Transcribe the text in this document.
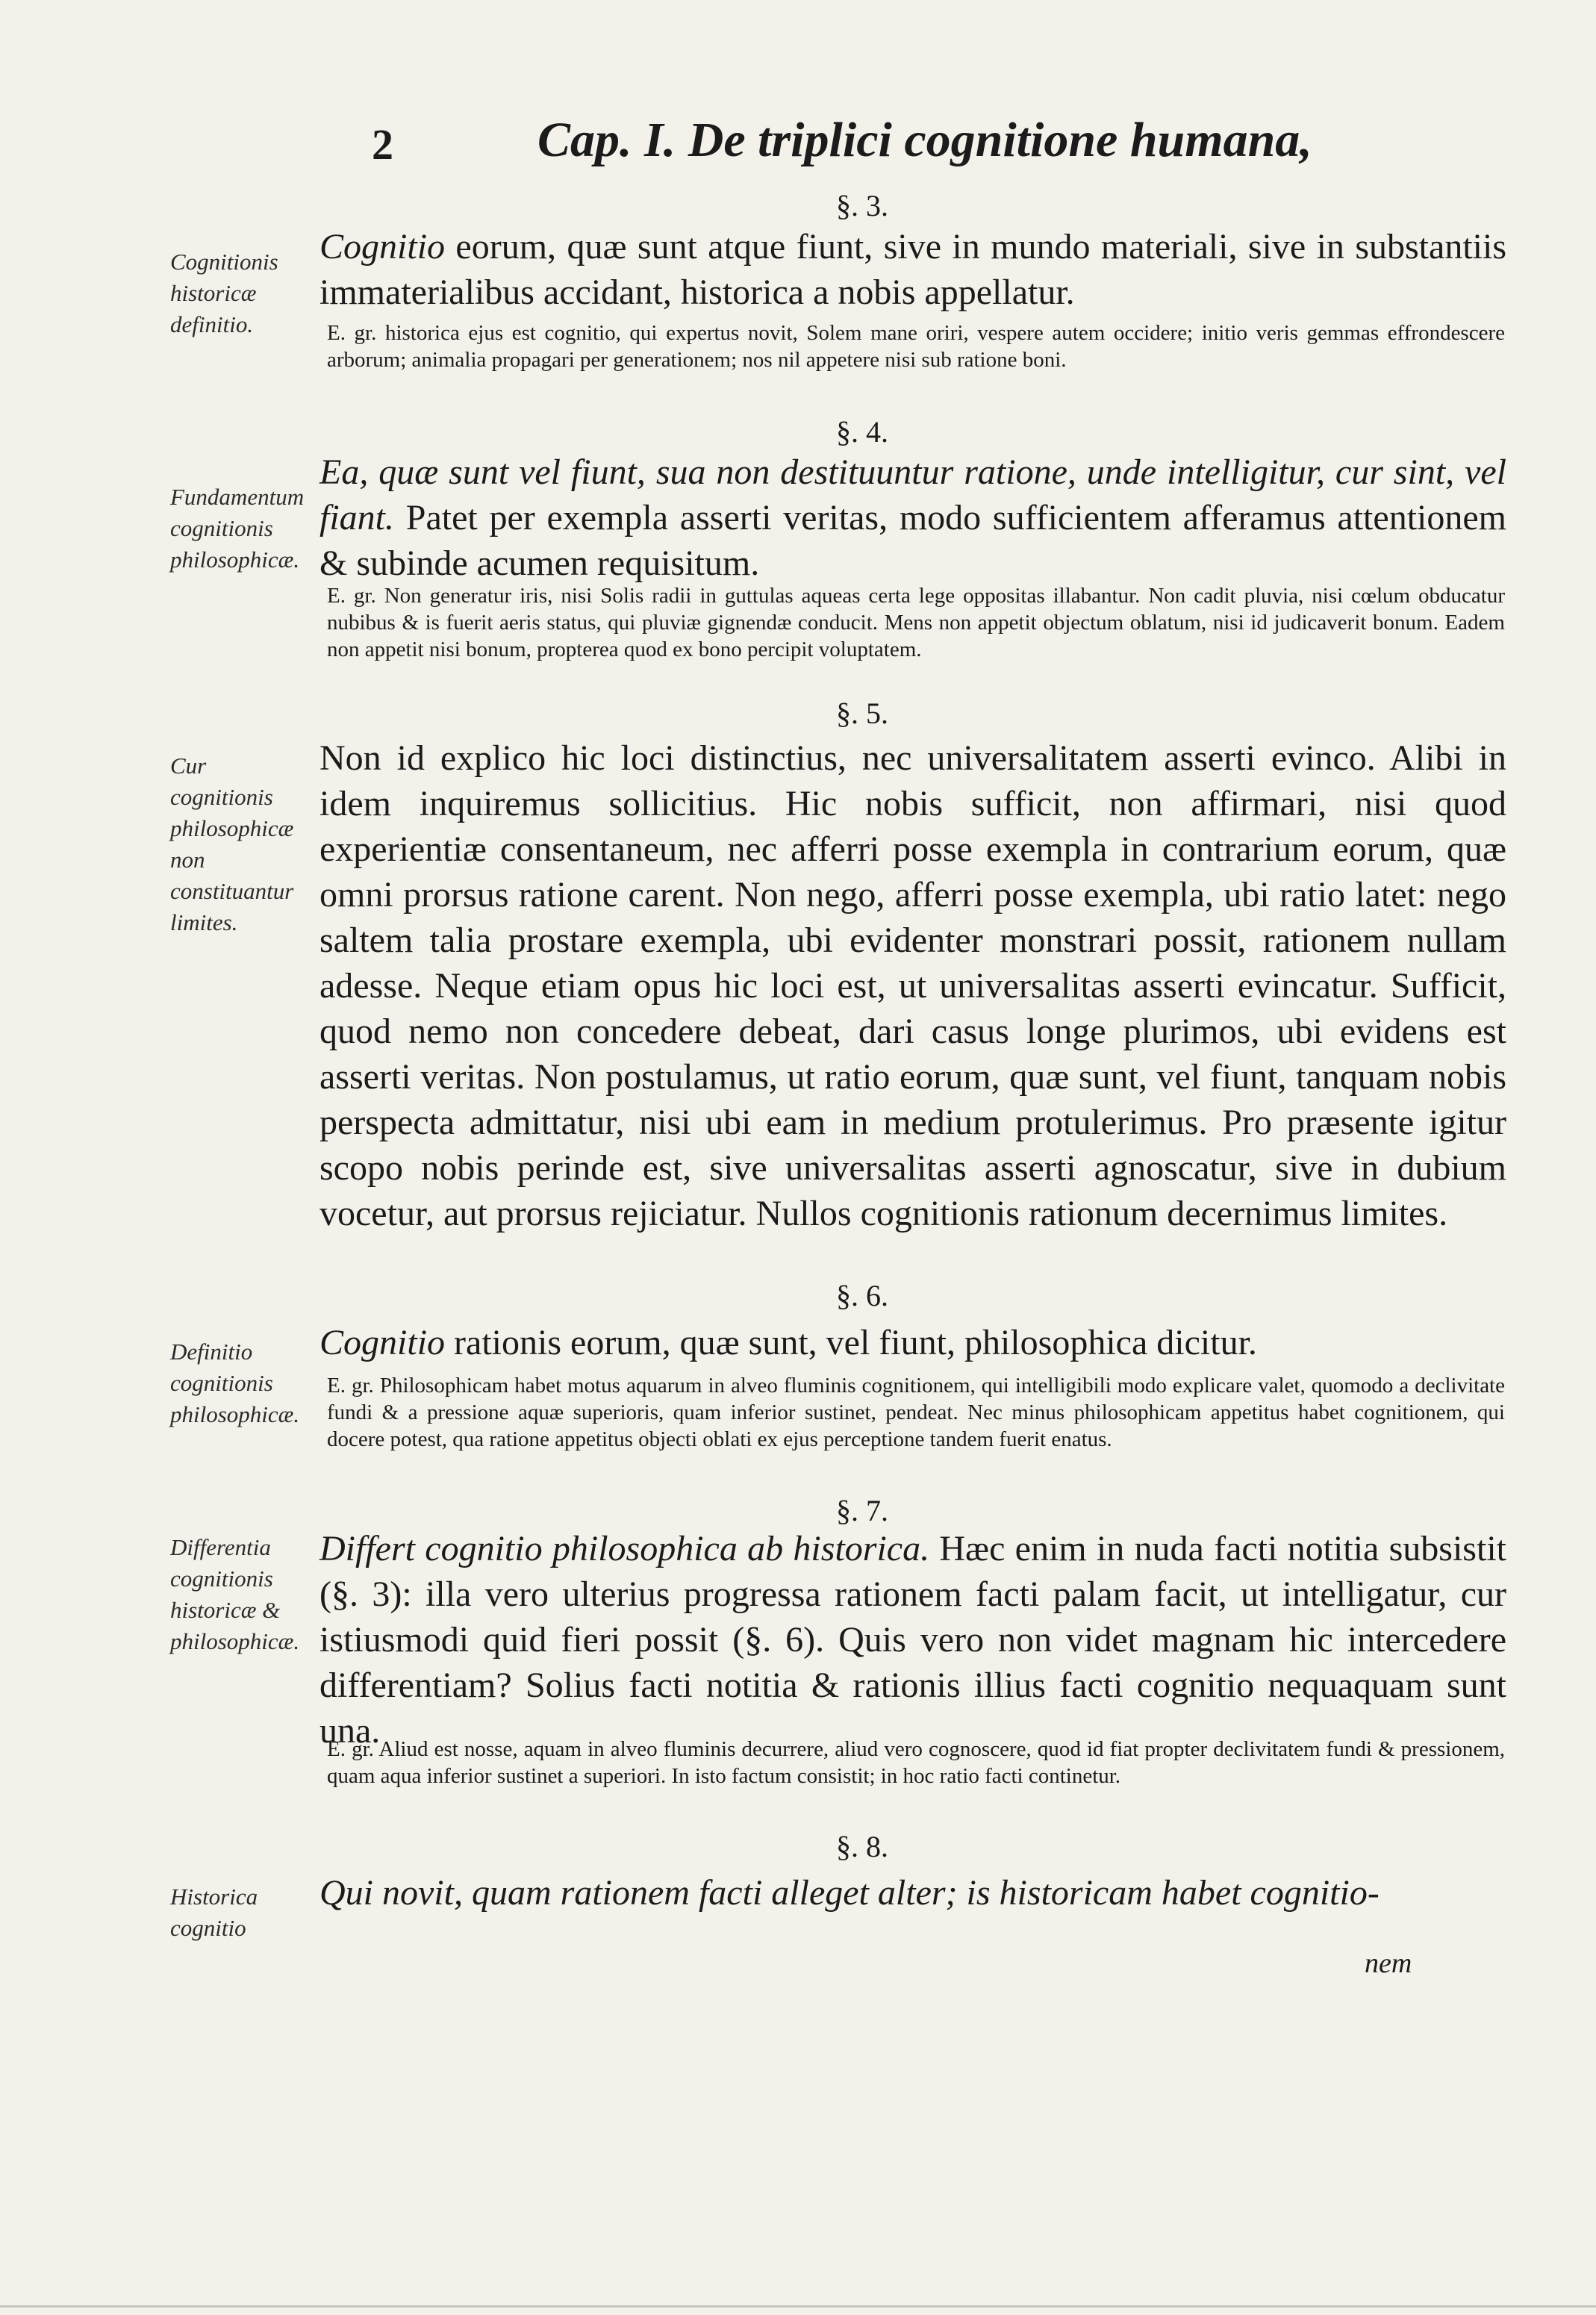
2	Cap. I. De triplici cognitione humana,
§. 3.
Cognitionis historicæ definitio.
Cognitio eorum, quæ sunt atque fiunt, sive in mundo materiali, sive in substantiis immaterialibus accidant, historica a nobis appellatur.
E. gr. historica ejus est cognitio, qui expertus novit, Solem mane oriri, vespere autem occidere; initio veris gemmas effrondescere arborum; animalia propagari per generationem; nos nil appetere nisi sub ratione boni.
§. 4.
Fundamentum cognitionis philosophicæ.
Ea, quæ sunt vel fiunt, sua non destituuntur ratione, unde intelligitur, cur sint, vel fiant. Patet per exempla asserti veritas, modo sufficientem afferamus attentionem & subinde acumen requisitum.
E. gr. Non generatur iris, nisi Solis radii in guttulas aqueas certa lege oppositas illabantur. Non cadit pluvia, nisi cœlum obducatur nubibus & is fuerit aeris status, qui pluviæ gignendæ conducit. Mens non appetit objectum oblatum, nisi id judicaverit bonum. Eadem non appetit nisi bonum, propterea quod ex bono percipit voluptatem.
§. 5.
Cur cognitionis philosophicæ non constituantur limites.
Non id explico hic loci distinctius, nec universalitatem asserti evinco. Alibi in idem inquiremus sollicitius. Hic nobis sufficit, non affirmari, nisi quod experientiæ consentaneum, nec afferri posse exempla in contrarium eorum, quæ omni prorsus ratione carent. Non nego, afferri posse exempla, ubi ratio latet: nego saltem talia prostare exempla, ubi evidenter monstrari possit, rationem nullam adesse. Neque etiam opus hic loci est, ut universalitas asserti evincatur. Sufficit, quod nemo non concedere debeat, dari casus longe plurimos, ubi evidens est asserti veritas. Non postulamus, ut ratio eorum, quæ sunt, vel fiunt, tanquam nobis perspecta admittatur, nisi ubi eam in medium protulerimus. Pro præsente igitur scopo nobis perinde est, sive universalitas asserti agnoscatur, sive in dubium vocetur, aut prorsus rejiciatur. Nullos cognitionis rationum decernimus limites.
§. 6.
Definitio cognitionis philosophicæ.
Cognitio rationis eorum, quæ sunt, vel fiunt, philosophica dicitur.
E. gr. Philosophicam habet motus aquarum in alveo fluminis cognitionem, qui intelligibili modo explicare valet, quomodo a declivitate fundi & a pressione aquæ superioris, quam inferior sustinet, pendeat. Nec minus philosophicam appetitus habet cognitionem, qui docere potest, qua ratione appetitus objecti oblati ex ejus perceptione tandem fuerit enatus.
§. 7.
Differentia cognitionis historicæ & philosophicæ.
Differt cognitio philosophica ab historica. Hæc enim in nuda facti notitia subsistit (§. 3): illa vero ulterius progressa rationem facti palam facit, ut intelligatur, cur istiusmodi quid fieri possit (§. 6). Quis vero non videt magnam hic intercedere differentiam? Solius facti notitia & rationis illius facti cognitio nequaquam sunt una.
E. gr. Aliud est nosse, aquam in alveo fluminis decurrere, aliud vero cognoscere, quod id fiat propter declivitatem fundi & pressionem, quam aqua inferior sustinet a superiori. In isto factum consistit; in hoc ratio facti continetur.
§. 8.
Historica cognitio
Qui novit, quam rationem facti alleget alter; is historicam habet cognitio-
nem
